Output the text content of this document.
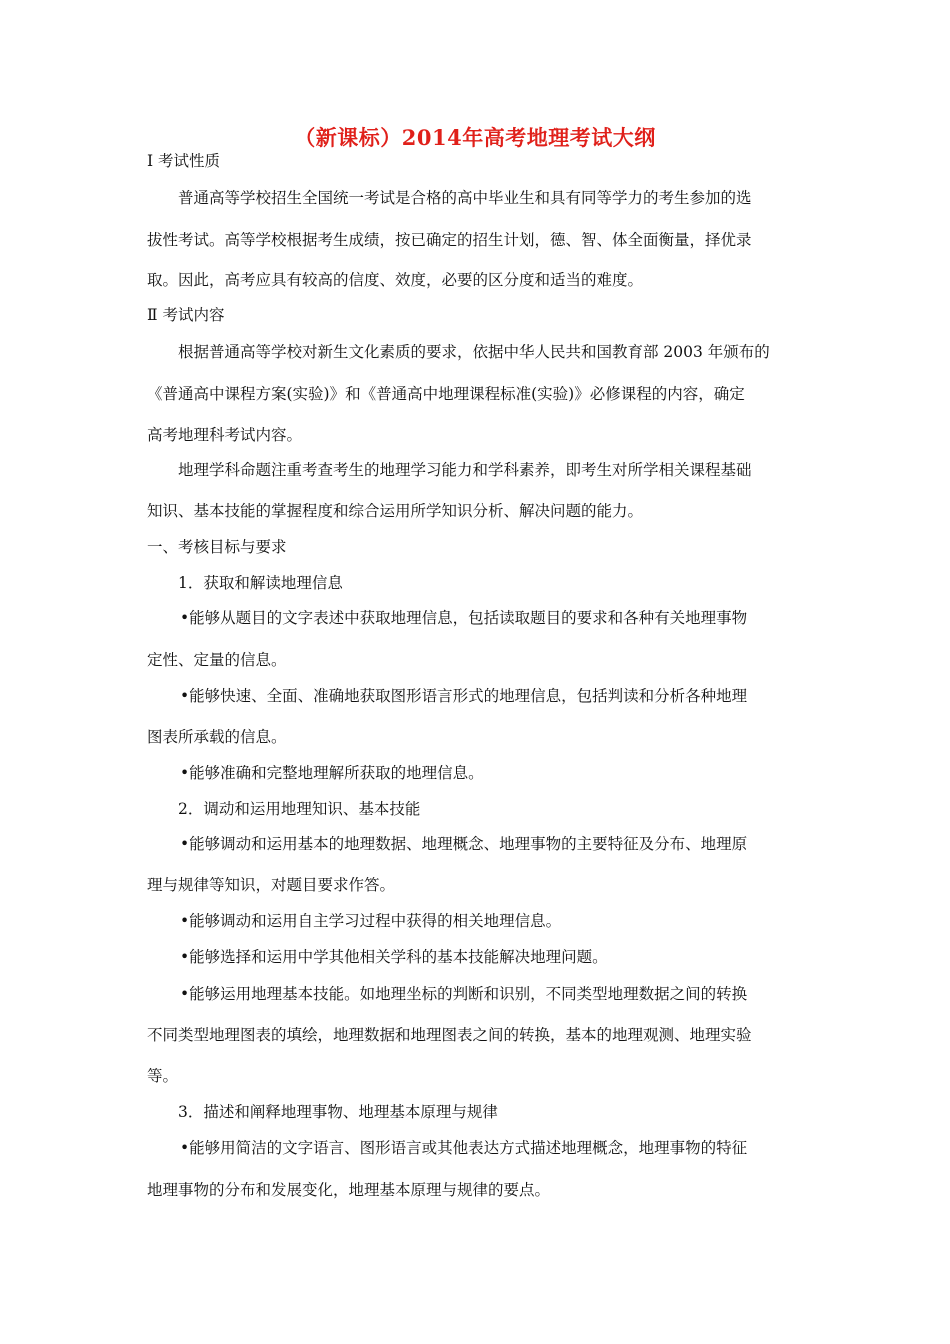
（新课标）2014年高考地理考试大纲
Ⅰ 考试性质
普通高等学校招生全国统一考试是合格的高中毕业生和具有同等学力的考生参加的选
拔性考试。高等学校根据考生成绩，按已确定的招生计划，德、智、体全面衡量，择优录
取。因此，高考应具有较高的信度、效度，必要的区分度和适当的难度。
Ⅱ 考试内容
根据普通高等学校对新生文化素质的要求，依据中华人民共和国教育部 2003 年颁布的
《普通高中课程方案(实验)》和《普通高中地理课程标准(实验)》必修课程的内容，确定
高考地理科考试内容。
地理学科命题注重考查考生的地理学习能力和学科素养，即考生对所学相关课程基础
知识、基本技能的掌握程度和综合运用所学知识分析、解决问题的能力。
一、考核目标与要求
1．获取和解读地理信息
•能够从题目的文字表述中获取地理信息，包括读取题目的要求和各种有关地理事物
定性、定量的信息。
•能够快速、全面、准确地获取图形语言形式的地理信息，包括判读和分析各种地理
图表所承载的信息。
•能够准确和完整地理解所获取的地理信息。
2．调动和运用地理知识、基本技能
•能够调动和运用基本的地理数据、地理概念、地理事物的主要特征及分布、地理原
理与规律等知识，对题目要求作答。
•能够调动和运用自主学习过程中获得的相关地理信息。
•能够选择和运用中学其他相关学科的基本技能解决地理问题。
•能够运用地理基本技能。如地理坐标的判断和识别，不同类型地理数据之间的转换
不同类型地理图表的填绘，地理数据和地理图表之间的转换，基本的地理观测、地理实验
等。
3．描述和阐释地理事物、地理基本原理与规律
•能够用简洁的文字语言、图形语言或其他表达方式描述地理概念，地理事物的特征
地理事物的分布和发展变化，地理基本原理与规律的要点。
